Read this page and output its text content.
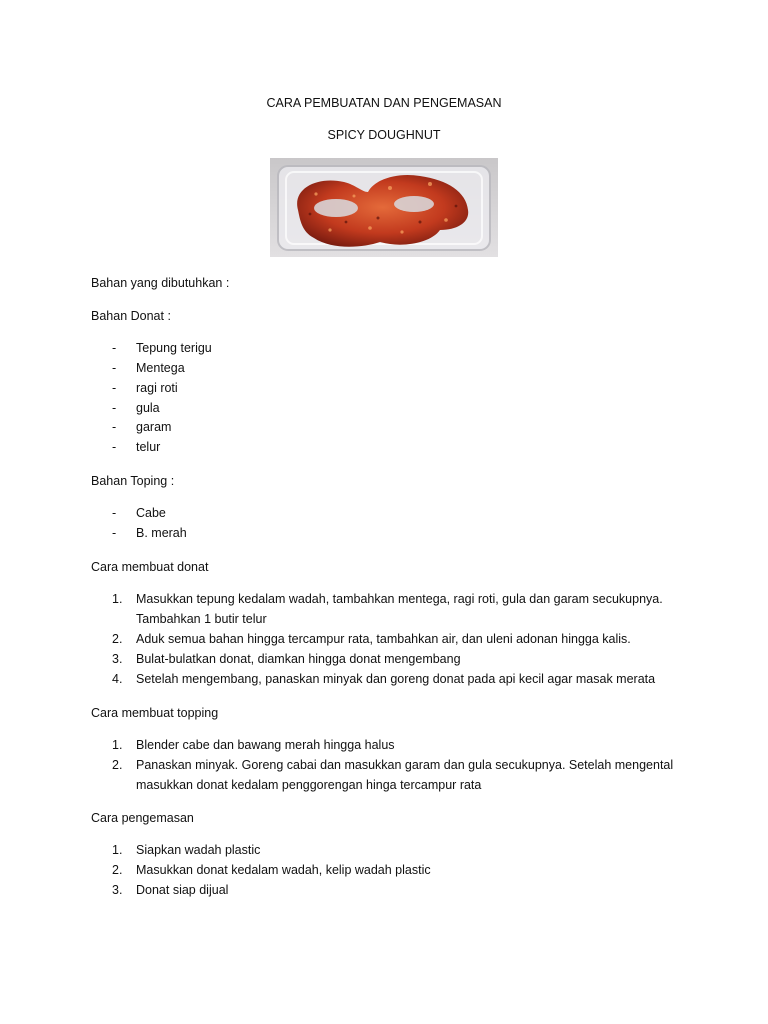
CARA PEMBUATAN DAN PENGEMASAN
SPICY DOUGHNUT
Bahan yang dibutuhkan :
Bahan Donat :
- Tepung terigu
- Mentega
- ragi roti
- gula
- garam
- telur
Bahan Toping :
- Cabe
- B. merah
Cara membuat donat
1. Masukkan tepung kedalam wadah, tambahkan mentega, ragi roti, gula dan garam secukupnya.
Tambahkan 1 butir telur
2. Aduk semua bahan hingga tercampur rata, tambahkan air, dan uleni adonan hingga kalis.
3. Bulat-bulatkan donat, diamkan hingga donat mengembang
4. Setelah mengembang, panaskan minyak dan goreng donat pada api kecil agar masak merata
Cara membuat topping
1. Blender cabe dan bawang merah hingga halus
2. Panaskan minyak. Goreng cabai dan masukkan garam dan gula secukupnya. Setelah mengental
masukkan donat kedalam penggorengan hinga tercampur rata
Cara pengemasan
1. Siapkan wadah plastic
2. Masukkan donat kedalam wadah, kelip wadah plastic
3. Donat siap dijual
